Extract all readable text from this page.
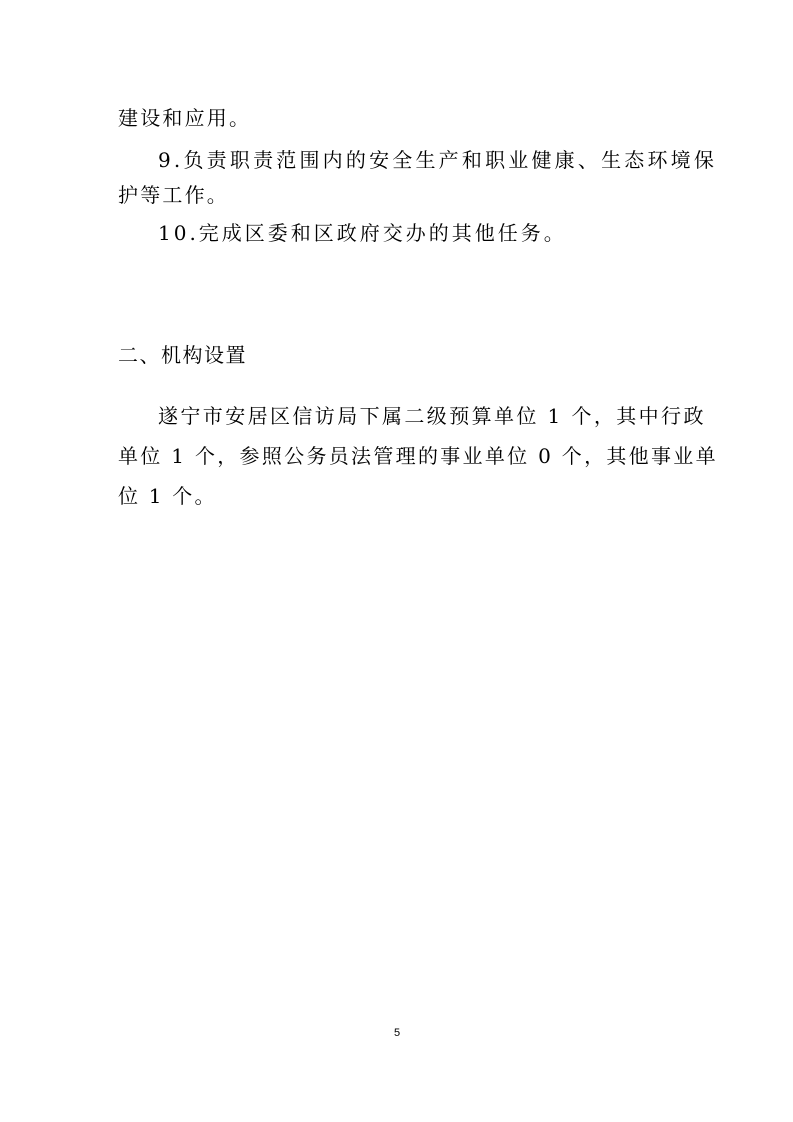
建设和应用。

9.负责职责范围内的安全生产和职业健康、生态环境保

护等工作。

10.完成区委和区政府交办的其他任务。

二、机构设置

遂宁市安居区信访局下属二级预算单位 1 个，其中行政

单位 1 个，参照公务员法管理的事业单位 0 个，其他事业单

位 1 个。

5
